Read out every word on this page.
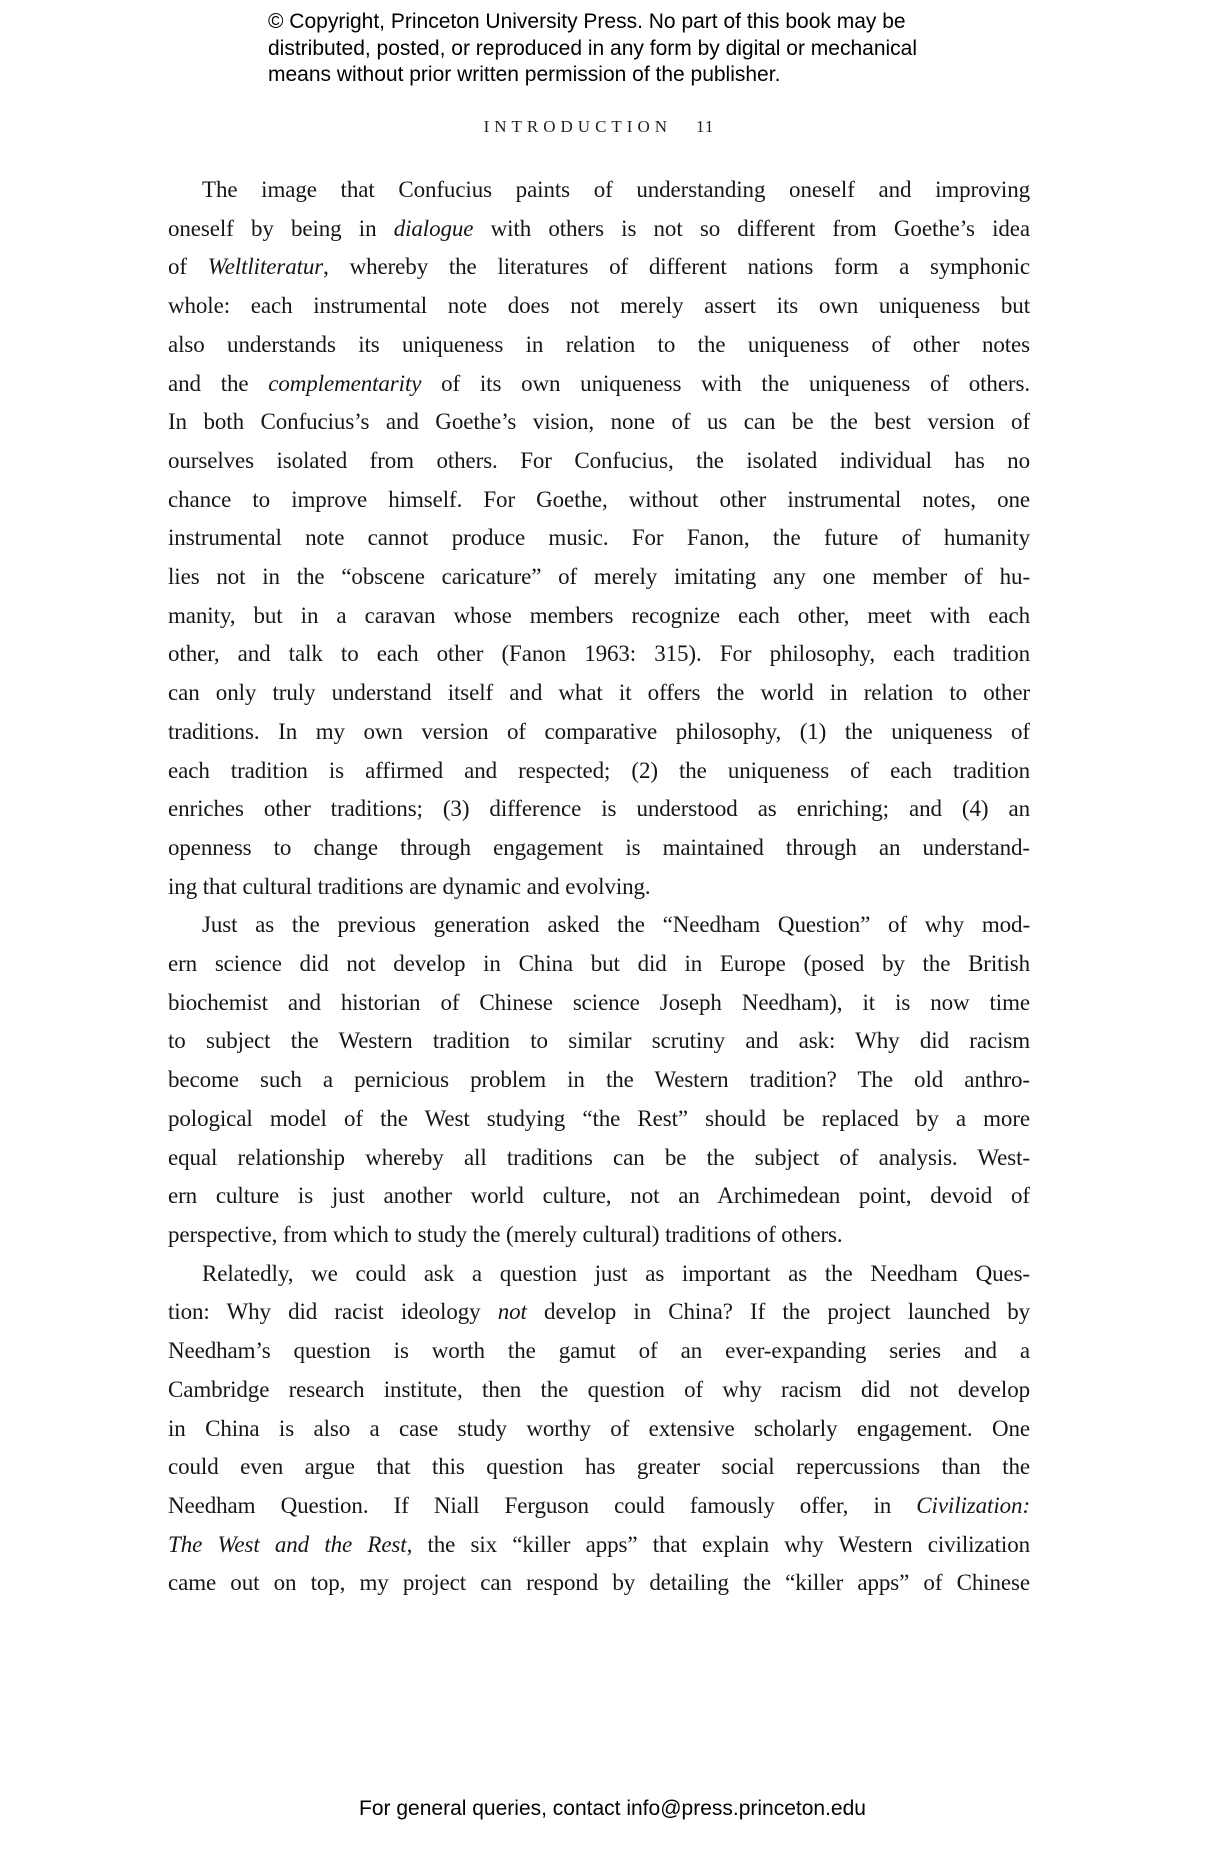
© Copyright, Princeton University Press. No part of this book may be
distributed, posted, or reproduced in any form by digital or mechanical
means without prior written permission of the publisher.
INTRODUCTION 11
The image that Confucius paints of understanding oneself and improving
oneself by being in dialogue with others is not so different from Goethe’s idea
of Weltliteratur, whereby the literatures of different nations form a symphonic
whole: each instrumental note does not merely assert its own uniqueness but
also understands its uniqueness in relation to the uniqueness of other notes
and the complementarity of its own uniqueness with the uniqueness of others.
In both Confucius’s and Goethe’s vision, none of us can be the best version of
ourselves isolated from others. For Confucius, the isolated individual has no
chance to improve himself. For Goethe, without other instrumental notes, one
instrumental note cannot produce music. For Fanon, the future of humanity
lies not in the “obscene caricature” of merely imitating any one member of hu-
manity, but in a caravan whose members recognize each other, meet with each
other, and talk to each other (Fanon 1963: 315). For philosophy, each tradition
can only truly understand itself and what it offers the world in relation to other
traditions. In my own version of comparative philosophy, (1) the uniqueness of
each tradition is affirmed and respected; (2) the uniqueness of each tradition
enriches other traditions; (3) difference is understood as enriching; and (4) an
openness to change through engagement is maintained through an understand-
ing that cultural traditions are dynamic and evolving.
Just as the previous generation asked the “Needham Question” of why mod-
ern science did not develop in China but did in Europe (posed by the British
biochemist and historian of Chinese science Joseph Needham), it is now time
to subject the Western tradition to similar scrutiny and ask: Why did racism
become such a pernicious problem in the Western tradition? The old anthro-
pological model of the West studying “the Rest” should be replaced by a more
equal relationship whereby all traditions can be the subject of analysis. West-
ern culture is just another world culture, not an Archimedean point, devoid of
perspective, from which to study the (merely cultural) traditions of others.
Relatedly, we could ask a question just as important as the Needham Ques-
tion: Why did racist ideology not develop in China? If the project launched by
Needham’s question is worth the gamut of an ever-expanding series and a
Cambridge research institute, then the question of why racism did not develop
in China is also a case study worthy of extensive scholarly engagement. One
could even argue that this question has greater social repercussions than the
Needham Question. If Niall Ferguson could famously offer, in Civilization:
The West and the Rest, the six “killer apps” that explain why Western civilization
came out on top, my project can respond by detailing the “killer apps” of Chinese
For general queries, contact info@press.princeton.edu
